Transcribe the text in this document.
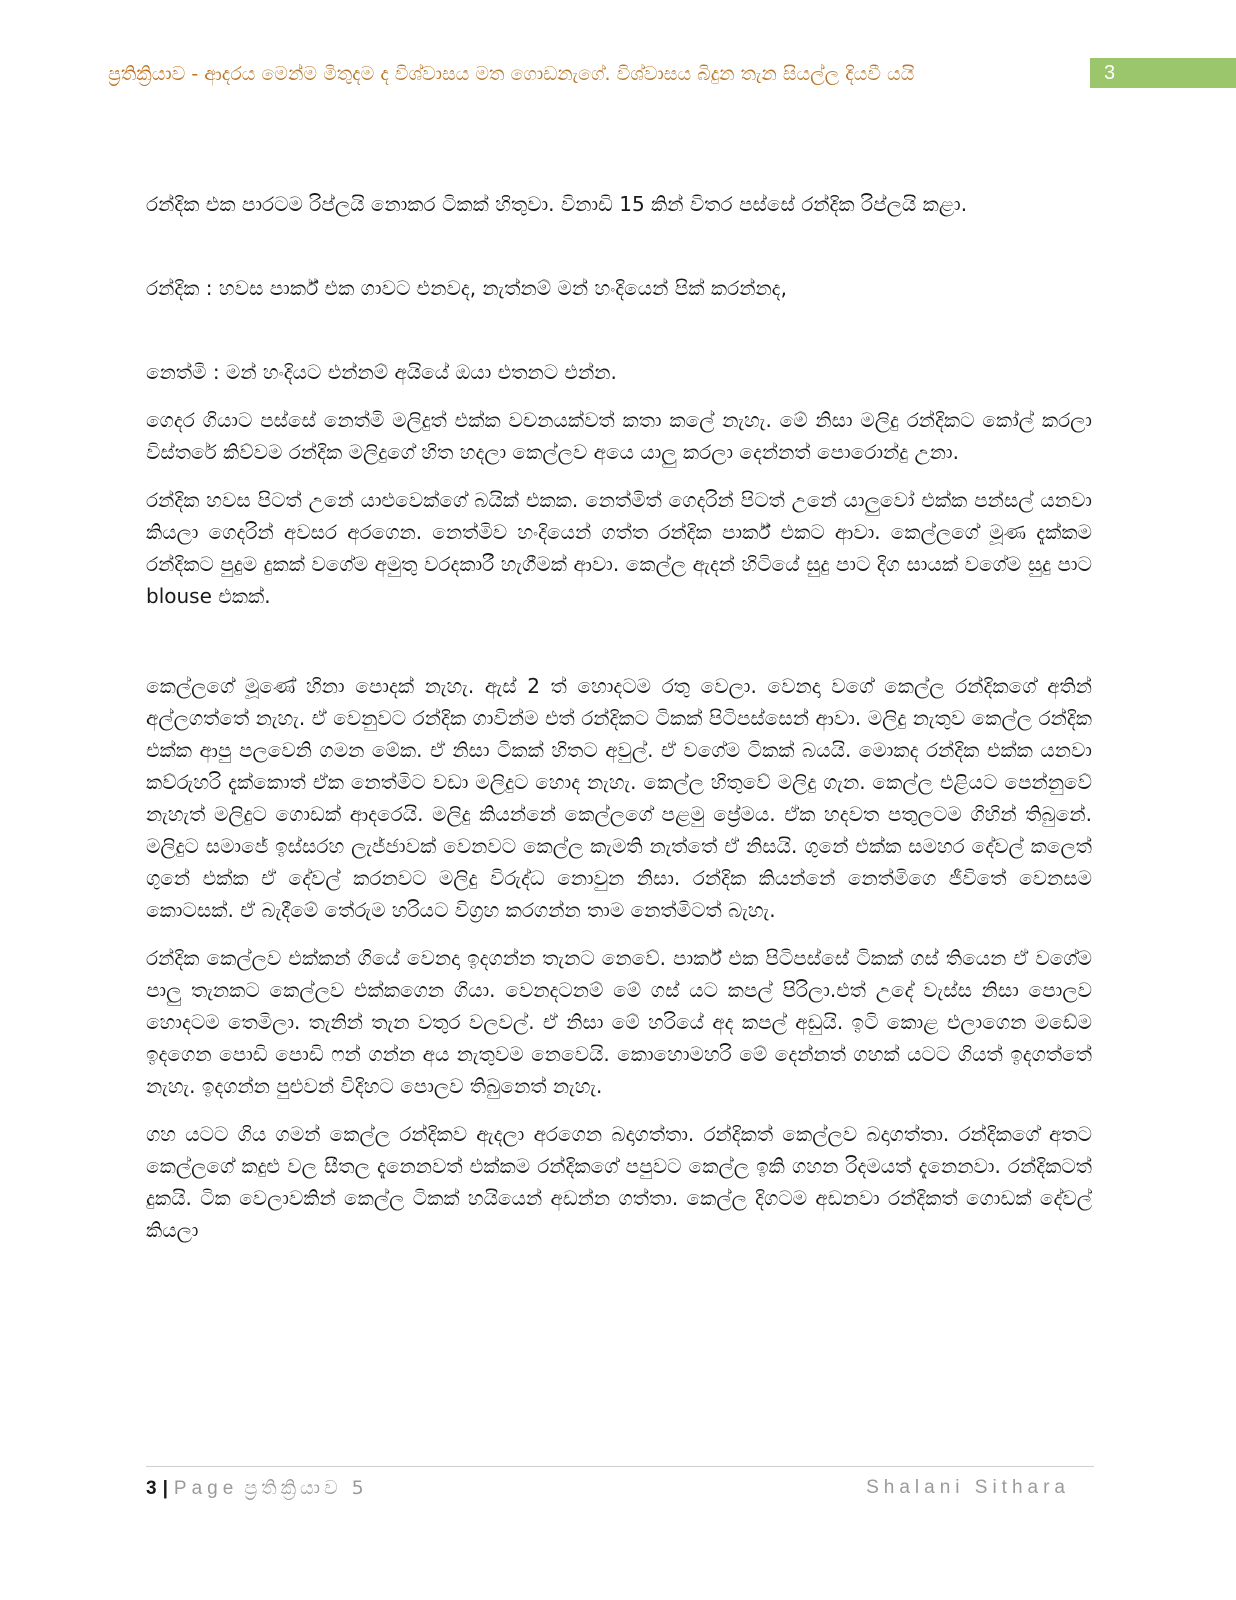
ප්‍රතික්‍රියාව - ආදරය මෙන්ම මිතුදම ද විශ්වාසය මත ගොඩනැගේ. විශ්වාසය බිදුන තැන සියල්ල දියවී යයි	3

රන්දික එක පාරටම රිප්ලයි නොකර ටිකක් හිතුවා. විනාඩි 15 කින් විතර පස්සේ රන්දික රිප්ලයි කළා.

රන්දික : හවස පාර්ක් එක ගාවට එනවද, නැත්නම් මන් හංදියෙන් පික් කරන්නද,

නෙත්මි : මන් හංදියට එන්නම් අයියේ ඔයා එතනට එන්න.

ගෙදර ගියාට පස්සේ නෙත්මි මලිදුත් එක්ක වචනයක්වත් කතා කලේ නැහැ. මේ නිසා මලිදු රන්දිකට කෝල් කරලා විස්තරේ කිව්වම රන්දික මලිදුගේ හිත හදලා කෙල්ලව අයෙ යාලු කරලා දෙන්නත් පොරොන්දු උනා.

රන්දික හවස පිටත් උනේ යාළුවෙක්ගේ බයික් එකක. නෙත්මිත් ගෙදරින් පිටත් උනේ යාලුවෝ එක්ක පන්සල් යනවා කියලා ගෙදරින් අවසර අරගෙන. නෙත්මිව හංදියෙන් ගත්ත රන්දික පාර්ක් එකට ආවා. කෙල්ලගේ මූණ දැක්කම රන්දිකට පුදුම දුකක් වගේම අමුතු වරදකාරී හැගීමක් ආවා. කෙල්ල ඇදන් හිටියේ සුදු පාට දිග සායක් වගේම සුදු පාට blouse එකක්.

කෙල්ලගේ මූණේ හිනා පොදක් නැහැ. ඇස් 2 ත් හොදටම රතු වෙලා. වෙනදා වගේ කෙල්ල රන්දිකගේ අතින් අල්ලගත්තේ නැහැ. ඒ වෙනුවට රන්දික ගාවින්ම එත් රන්දිකට ටිකක් පිටිපස්සෙන් ආවා. මලිදු නැතුව කෙල්ල රන්දික එක්ක ආපු පලවෙනි ගමන මේක. ඒ නිසා ටිකක් හිතට අවුල්. ඒ වගේම ටිකක් බයයි. මොකද රන්දික එක්ක යනවා කව්රුහරි දැක්කොත් ඒක නෙත්මිට වඩා මලිදුට හොද නැහැ. කෙල්ල හිතුවේ මලිදු ගැන. කෙල්ල එළියට පෙන්නුවේ නැහැත් මලිදුට ගොඩක් ආදරෙයි. මලිදු කියන්නේ කෙල්ලගේ පළමු ප්‍රේමය. ඒක හදවත පතුලටම ගිහින් තිබුනේ. මලිදුට සමාජේ ඉස්සරහ ලැජ්ජාවක් වෙනවට කෙල්ල කැමති නැත්තේ ඒ නිසයි. ගුනේ එක්ක සමහර දේවල් කලෙත් ගුනේ එක්ක ඒ දේවල් කරනවට මලිදු විරුද්ධ නොවුන නිසා. රන්දික කියන්නේ නෙත්මිගෙ ජීවිතේ වෙනසම කොටසක්. ඒ බැදීමේ තේරුම හරියට විග්‍රහ කරගන්න තාම නෙත්මිටත් බැහැ.

රන්දික කෙල්ලව එක්කන් ගියේ වෙනදා ඉදගන්න තැනට නෙවේ. පාර්ක් එක පිටිපස්සේ ටිකක් ගස් තියෙන ඒ වගේම පාලු තැනකට කෙල්ලව එක්කගෙන ගියා. වෙනදටනම් මේ ගස් යට කපල් පිරිලා.එත් උදේ වැස්ස නිසා පොලව හොදටම තෙමිලා. තැනින් තැන වතුර වලවල්. ඒ නිසා මේ හරියේ අද කපල් අඩුයි. ඉටි කොළ එලාගෙන මඩේම ඉදගෙන පොඩි පොඩි ෆන් ගන්න අය නැතුවම නෙවෙයි. කොහොමහරි මේ දෙන්නත් ගහක් යටට ගියත් ඉදගත්තේ නැහැ. ඉදගන්න පුළුවන් විදිහට පොලව තිබුනෙත් නැහැ.

ගහ යටට ගිය ගමන් කෙල්ල රන්දිකව ඇදලා අරගෙන බදාගත්තා. රන්දිකත් කෙල්ලව බදාගත්තා. රන්දිකගේ අතට කෙල්ලගේ කදුළු වල සීතල දැනෙනවත් එක්කම රන්දිකගේ පපුවට කෙල්ල ඉකි ගහන රිදමයත් දැනෙනවා. රන්දිකටත් දුකයි. ටික වෙලාවකින් කෙල්ල ටිකක් හයියෙන් අඩන්න ගත්තා. කෙල්ල දිගටම අඩනවා රන්දිකත් ගොඩක් දේවල් කියලා

3 | Page ප්‍රතික්‍රියාව 5	Shalani Sithara
